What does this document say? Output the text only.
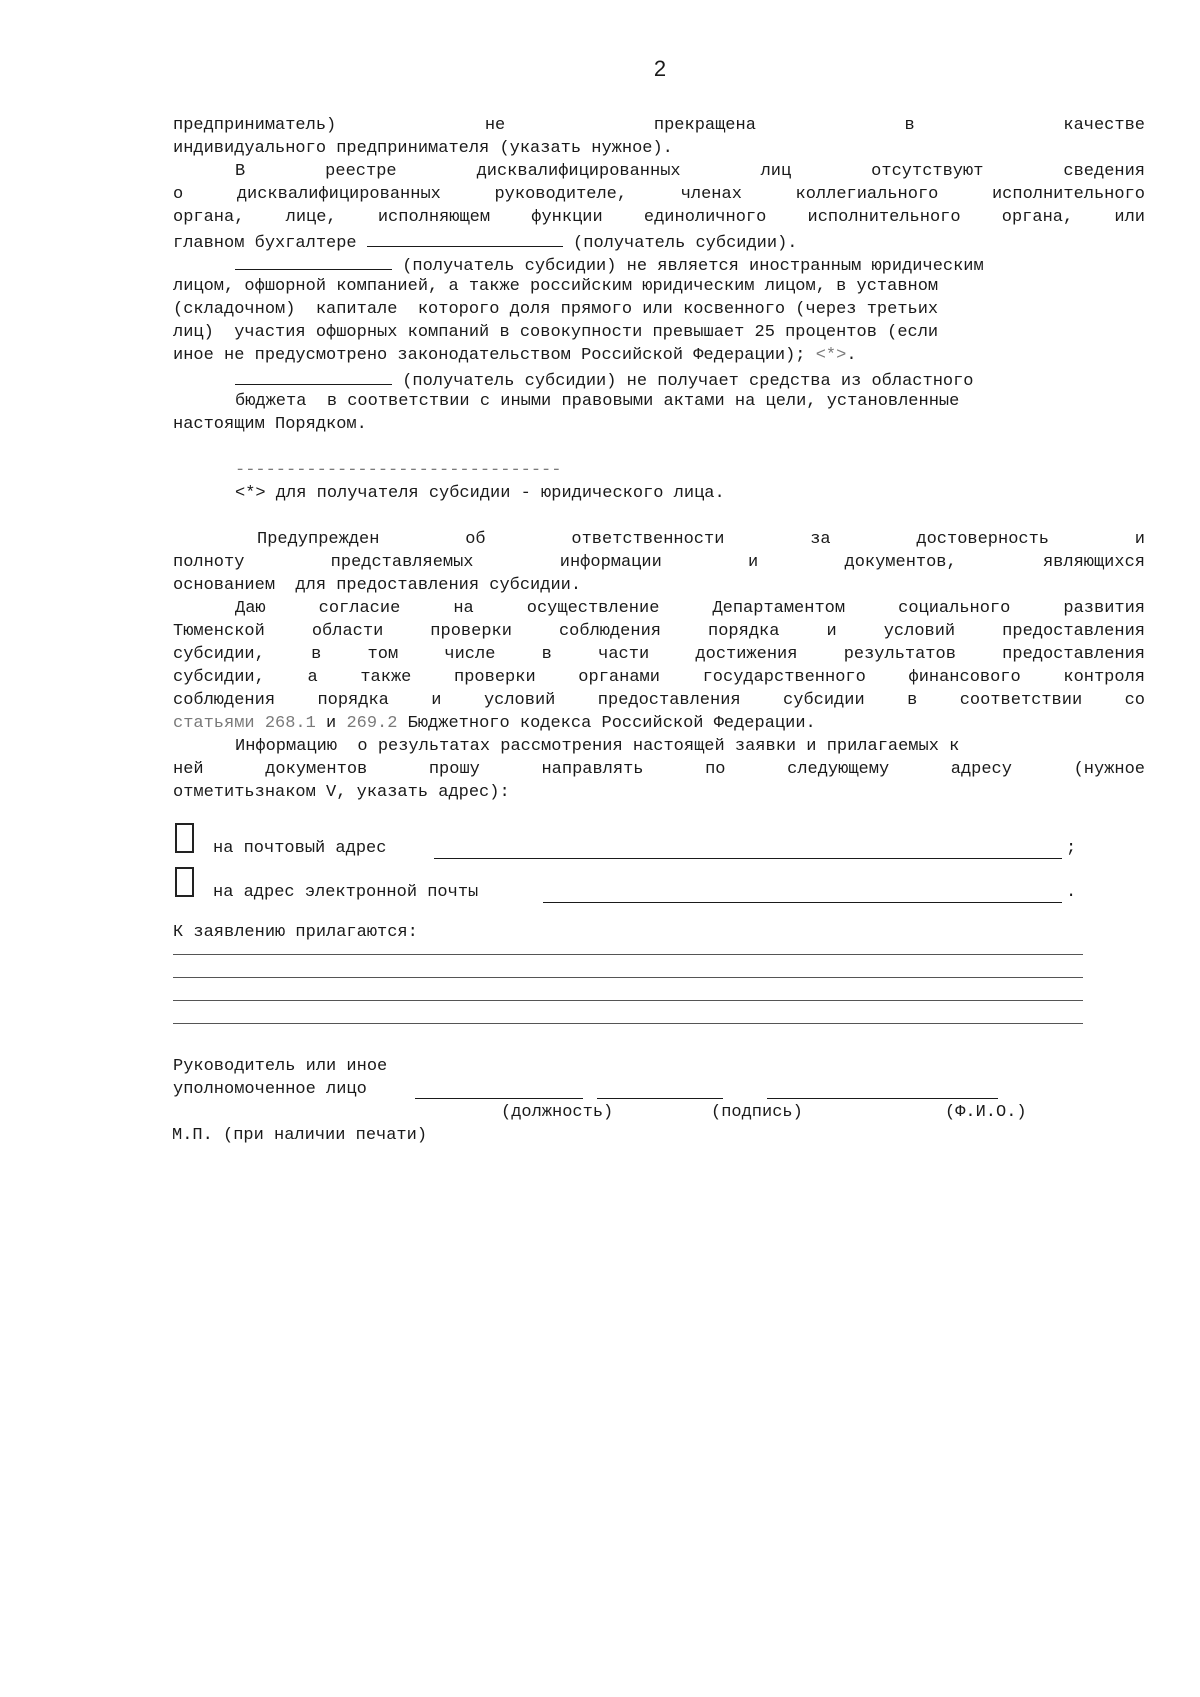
2
предприниматель) не прекращена в качестве
индивидуального предпринимателя (указать нужное).
В реестре дисквалифицированных лиц отсутствуют сведения
о дисквалифицированных руководителе, членах коллегиального исполнительного
органа, лице, исполняющем функции единоличного исполнительного органа, или
главном бухгалтере	(получатель субсидии).
(получатель субсидии) не является иностранным юридическим
лицом, офшорной компанией, а также российским юридическим лицом, в уставном
(складочном)  капитале  которого доля прямого или косвенного (через третьих
лиц)  участия офшорных компаний в совокупности превышает 25 процентов (если
иное не предусмотрено законодательством Российской Федерации); <*>.
(получатель субсидии) не получает средства из областного
бюджета  в соответствии с иными правовыми актами на цели, установленные
настоящим Порядком.
--------------------------------
<*> для получателя субсидии - юридического лица.
Предупрежден об ответственности за достоверность и
полноту представляемых информации и документов, являющихся
основанием  для предоставления субсидии.
Даю согласие на осуществление Департаментом социального развития
Тюменской области проверки соблюдения порядка и условий предоставления
субсидии, в том числе в части достижения результатов предоставления
субсидии, а также проверки органами государственного финансового контроля
соблюдения порядка и условий предоставления субсидии в соответствии со
статьями 268.1 и 269.2 Бюджетного кодекса Российской Федерации.
Информацию  о результатах рассмотрения настоящей заявки и прилагаемых к
ней документов прошу направлять по следующему адресу (нужное
отметитьзнаком V, указать адрес):
на почтовый адрес	;
на адрес электронной почты	.
К заявлению прилагаются:
Руководитель или иное
уполномоченное лицо
(должность)	(подпись)	(Ф.И.О.)
М.П. (при наличии печати)
